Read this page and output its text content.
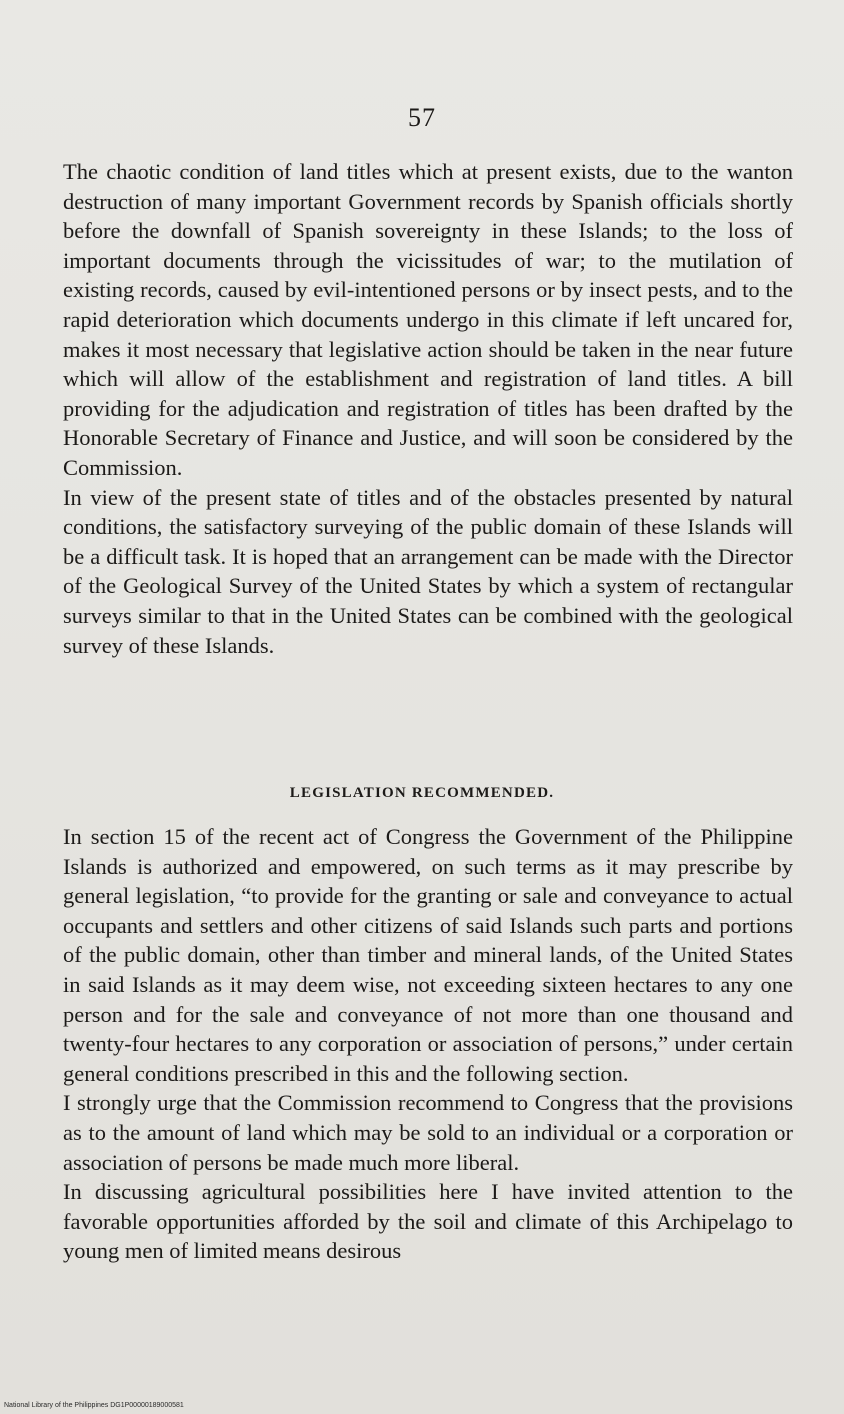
57

The chaotic condition of land titles which at present exists, due to the wanton destruction of many important Government records by Spanish officials shortly before the downfall of Spanish sovereignty in these Islands; to the loss of important documents through the vicissitudes of war; to the mutilation of existing records, caused by evil-intentioned persons or by insect pests, and to the rapid deterioration which documents undergo in this climate if left uncared for, makes it most necessary that legislative action should be taken in the near future which will allow of the establishment and registration of land titles. A bill providing for the adjudication and registration of titles has been drafted by the Honorable Secretary of Finance and Justice, and will soon be considered by the Commission.

In view of the present state of titles and of the obstacles presented by natural conditions, the satisfactory surveying of the public domain of these Islands will be a difficult task. It is hoped that an arrangement can be made with the Director of the Geological Survey of the United States by which a system of rectangular surveys similar to that in the United States can be combined with the geological survey of these Islands.

LEGISLATION RECOMMENDED.

In section 15 of the recent act of Congress the Government of the Philippine Islands is authorized and empowered, on such terms as it may prescribe by general legislation, “to provide for the granting or sale and conveyance to actual occupants and settlers and other citizens of said Islands such parts and portions of the public domain, other than timber and mineral lands, of the United States in said Islands as it may deem wise, not exceeding sixteen hectares to any one person and for the sale and conveyance of not more than one thousand and twenty-four hectares to any corporation or association of persons,” under certain general conditions prescribed in this and the following section.

I strongly urge that the Commission recommend to Congress that the provisions as to the amount of land which may be sold to an individual or a corporation or association of persons be made much more liberal.

In discussing agricultural possibilities here I have invited attention to the favorable opportunities afforded by the soil and climate of this Archipelago to young men of limited means desirous

National Library of the Philippines DG1P00000189000581
